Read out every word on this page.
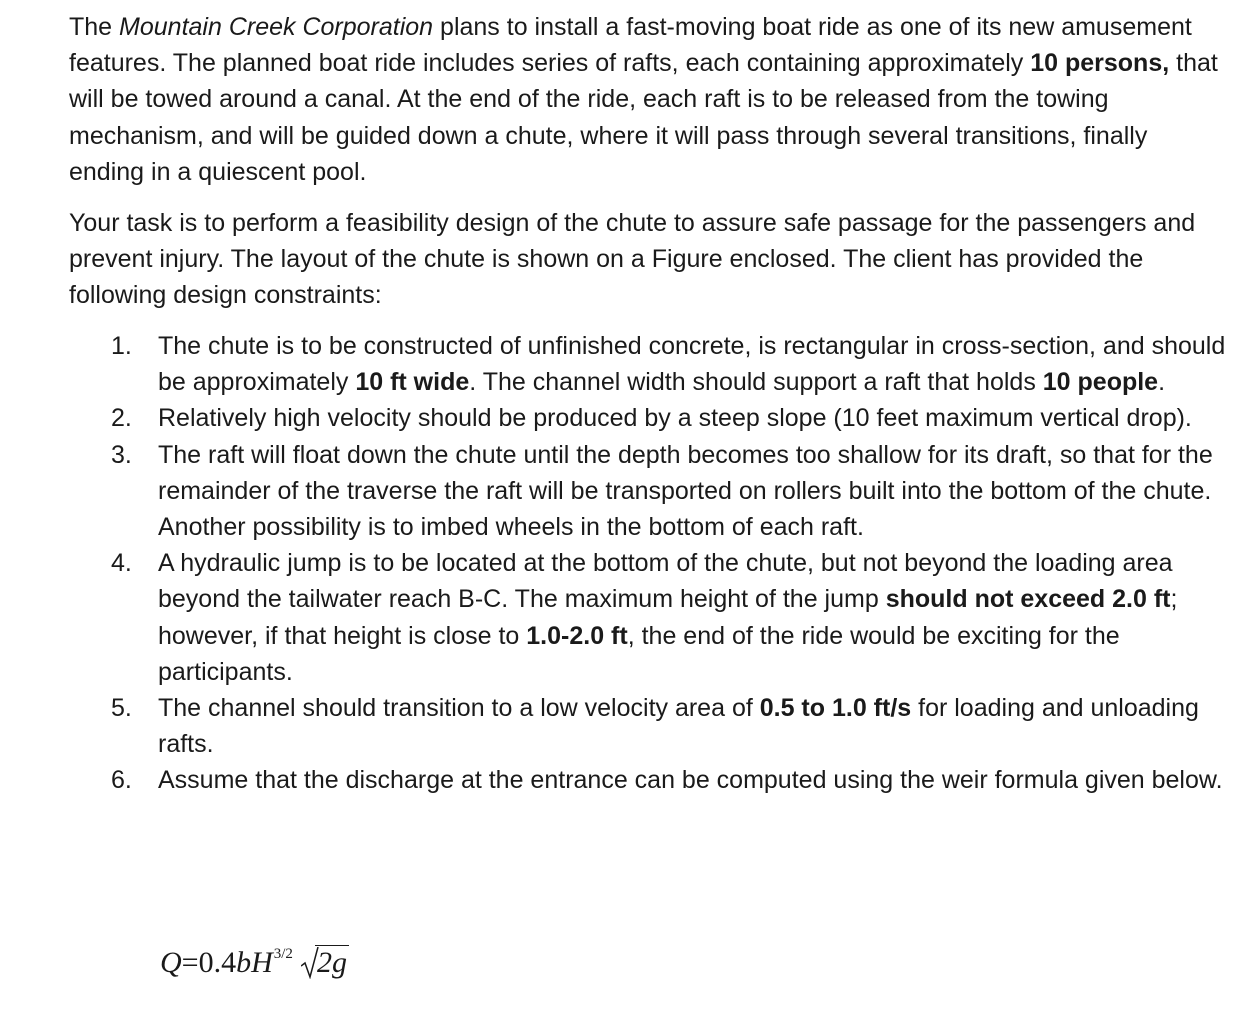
The Mountain Creek Corporation plans to install a fast-moving boat ride as one of its new amusement features. The planned boat ride includes series of rafts, each containing approximately 10 persons, that will be towed around a canal. At the end of the ride, each raft is to be released from the towing mechanism, and will be guided down a chute, where it will pass through several transitions, finally ending in a quiescent pool.

Your task is to perform a feasibility design of the chute to assure safe passage for the passengers and prevent injury. The layout of the chute is shown on a Figure enclosed. The client has provided the following design constraints:

1.	The chute is to be constructed of unfinished concrete, is rectangular in cross-section, and should be approximately 10 ft wide. The channel width should support a raft that holds 10 people.
2.	Relatively high velocity should be produced by a steep slope (10 feet maximum vertical drop).
3.	The raft will float down the chute until the depth becomes too shallow for its draft, so that for the remainder of the traverse the raft will be transported on rollers built into the bottom of the chute. Another possibility is to imbed wheels in the bottom of each raft.
4.	A hydraulic jump is to be located at the bottom of the chute, but not beyond the loading area beyond the tailwater reach B-C. The maximum height of the jump should not exceed 2.0 ft; however, if that height is close to 1.0-2.0 ft, the end of the ride would be exciting for the participants.
5.	The channel should transition to a low velocity area of 0.5 to 1.0 ft/s for loading and unloading rafts.
6.	Assume that the discharge at the entrance can be computed using the weir formula given below.
$Q=0.4bH^{3/2}$ 2g
